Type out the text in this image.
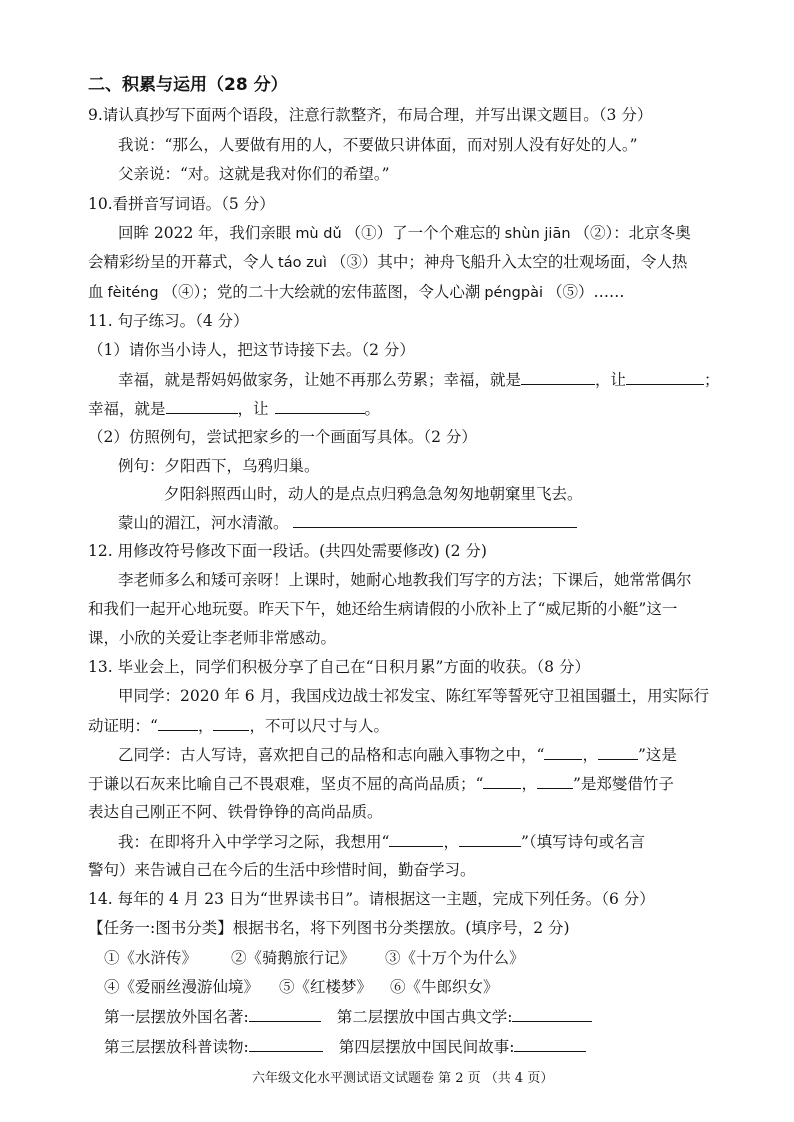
二、积累与运用（28 分）
9.请认真抄写下面两个语段，注意行款整齐，布局合理，并写出课文题目。（3 分）
我说：“那么，人要做有用的人，不要做只讲体面，而对别人没有好处的人。”
父亲说：“对。这就是我对你们的希望。”
10.看拼音写词语。（5 分）
回眸 2022 年，我们亲眼 mù dǔ （①）了一个个难忘的 shùn jiān （②）：北京冬奥
会精彩纷呈的开幕式，令人 táo zuì （③）其中；神舟飞船升入太空的壮观场面，令人热
血 fèiténg （④）；党的二十大绘就的宏伟蓝图，令人心潮 péngpài （⑤）……
11. 句子练习。（4 分）
（1）请你当小诗人，把这节诗接下去。（2 分）
幸福，就是帮妈妈做家务，让她不再那么劳累；幸福，就是	，让	；
幸福，就是	，让	。
（2）仿照例句，尝试把家乡的一个画面写具体。（2 分）
例句：夕阳西下，乌鸦归巢。
夕阳斜照西山时，动人的是点点归鸦急急匆匆地朝窠里飞去。
蒙山的湄江，河水清澈。
12. 用修改符号修改下面一段话。(共四处需要修改) (2 分)
李老师多么和矮可亲呀！上课时，她耐心地教我们写字的方法；下课后，她常常偶尔
和我们一起开心地玩耍。昨天下午，她还给生病请假的小欣补上了“威尼斯的小艇”这一
课，小欣的关爱让李老师非常感动。
13. 毕业会上，同学们积极分享了自己在“日积月累”方面的收获。（8 分）
甲同学：2020 年 6 月，我国戍边战士祁发宝、陈红军等誓死守卫祖国疆土，用实际行
动证明：“	， ，不可以尺寸与人。
乙同学：古人写诗，喜欢把自己的品格和志向融入事物之中，“ ，	”这是
于谦以石灰来比喻自己不畏艰难，坚贞不屈的高尚品质；“ ， ”是郑燮借竹子
表达自己刚正不阿、铁骨铮铮的高尚品质。
我：在即将升入中学学习之际，我想用“	，	”（填写诗句或名言
警句）来告诫自己在今后的生活中珍惜时间，勤奋学习。
14. 每年的 4 月 23 日为“世界读书日”。请根据这一主题，完成下列任务。（6 分）
【任务一:图书分类】根据书名，将下列图书分类摆放。(填序号，2 分)
①《水浒传》 ②《骑鹅旅行记》 ③《十万个为什么》
④《爱丽丝漫游仙境》 ⑤《红楼梦》 ⑥《牛郎织女》
第一层摆放外国名著:	第二层摆放中国古典文学:
第三层摆放科普读物:	第四层摆放中国民间故事:
六年级文化水平测试语文试题卷 第 2 页 （共 4 页）
